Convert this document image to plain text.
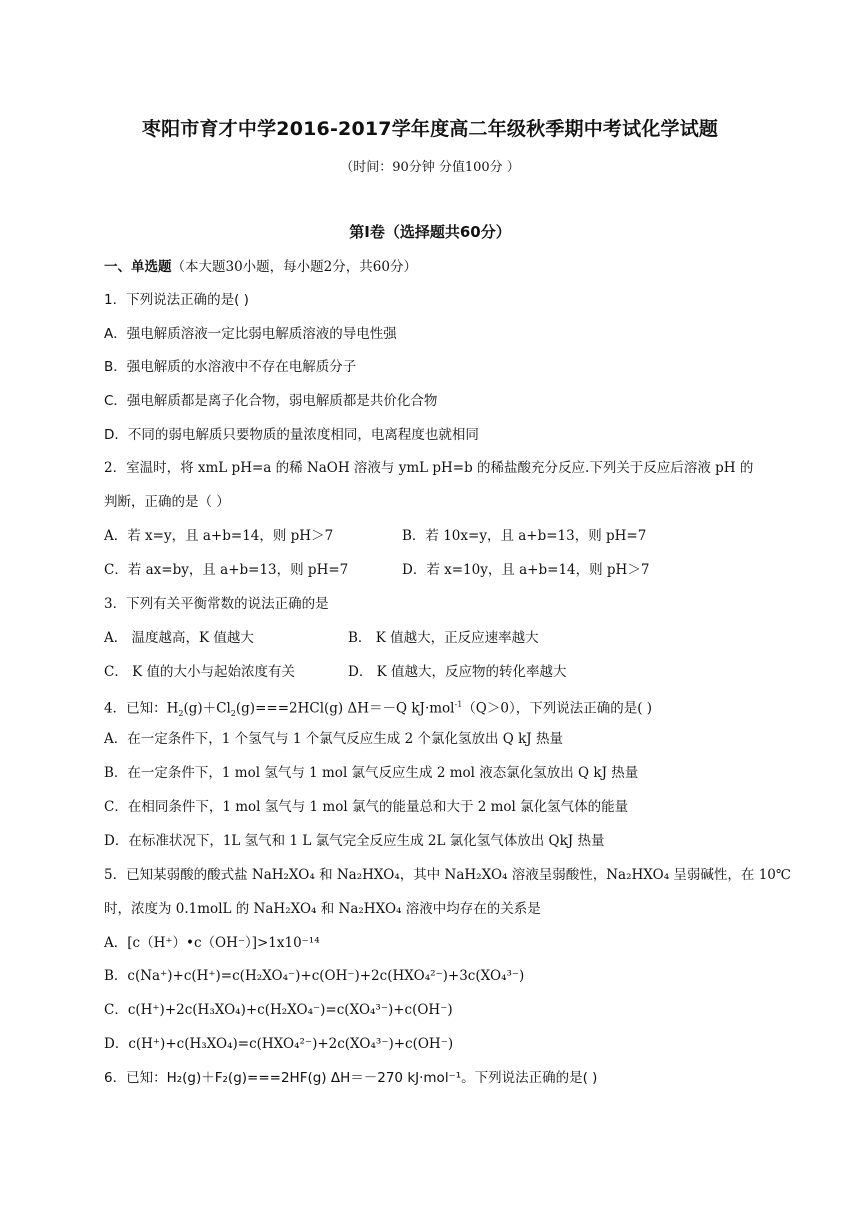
枣阳市育才中学2016-2017学年度高二年级秋季期中考试化学试题
（时间：90分钟 分值100分 ）
第Ⅰ卷（选择题共60分）
一、单选题（本大题30小题，每小题2分，共60分）
1．下列说法正确的是( )
A．强电解质溶液一定比弱电解质溶液的导电性强
B．强电解质的水溶液中不存在电解质分子
C．强电解质都是离子化合物，弱电解质都是共价化合物
D．不同的弱电解质只要物质的量浓度相同，电离程度也就相同
2．室温时，将 xmL pH=a 的稀 NaOH 溶液与 ymL pH=b 的稀盐酸充分反应.下列关于反应后溶液 pH 的
判断，正确的是（ ）
A．若 x=y，且 a+b=14，则 pH＞7	B．若 10x=y，且 a+b=13，则 pH=7
C．若 ax=by，且 a+b=13，则 pH=7	D．若 x=10y，且 a+b=14，则 pH＞7
3．下列有关平衡常数的说法正确的是
A． 温度越高，K 值越大	B． K 值越大，正反应速率越大
C． K 值的大小与起始浓度有关	D． K 值越大，反应物的转化率越大
4．已知：$H_2(g)+Cl_2(g)===2HCl(g)$ ΔH＝－Q kJ·mol$^{-1}$（Q＞0），下列说法正确的是( )
A．在一定条件下，1 个氢气与 1 个氯气反应生成 2 个氯化氢放出 Q kJ 热量
B．在一定条件下，1 mol 氢气与 1 mol 氯气反应生成 2 mol 液态氯化氢放出 Q kJ 热量
C．在相同条件下，1 mol 氢气与 1 mol 氯气的能量总和大于 2 mol 氯化氢气体的能量
D．在标准状况下，1L 氢气和 1 L 氯气完全反应生成 2L 氯化氢气体放出 QkJ 热量
5．已知某弱酸的酸式盐 NaH₂XO₄ 和 Na₂HXO₄，其中 NaH₂XO₄ 溶液呈弱酸性，Na₂HXO₄ 呈弱碱性，在 10℃
时，浓度为 0.1molL 的 NaH₂XO₄ 和 Na₂HXO₄ 溶液中均存在的关系是
A．[c（H⁺）•c（OH⁻）]>1x10⁻¹⁴
B．c(Na⁺)+c(H⁺)=c(H₂XO₄⁻)+c(OH⁻)+2c(HXO₄²⁻)+3c(XO₄³⁻)
C．c(H⁺)+2c(H₃XO₄)+c(H₂XO₄⁻)=c(XO₄³⁻)+c(OH⁻)
D．c(H⁺)+c(H₃XO₄)=c(HXO₄²⁻)+2c(XO₄³⁻)+c(OH⁻)
6．已知：H₂(g)＋F₂(g)===2HF(g) ΔH＝－270 kJ·mol⁻¹。下列说法正确的是( )
